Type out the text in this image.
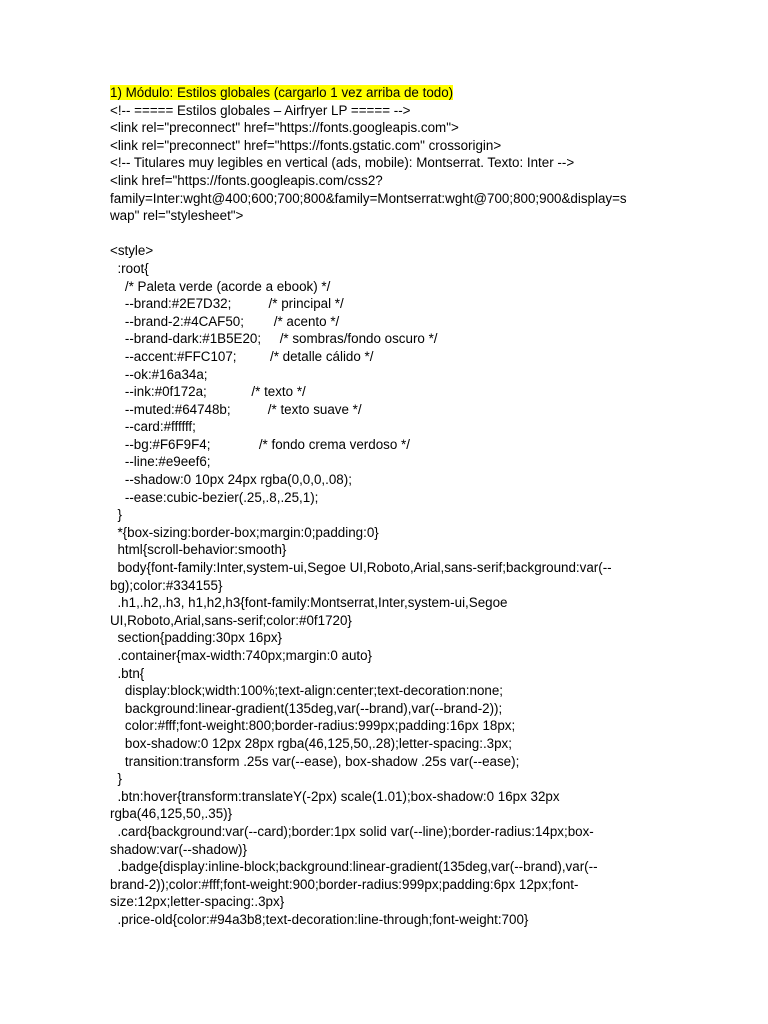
1) Módulo: Estilos globales (cargarlo 1 vez arriba de todo)
<!-- ===== Estilos globales – Airfryer LP ===== -->
<link rel="preconnect" href="https://fonts.googleapis.com">
<link rel="preconnect" href="https://fonts.gstatic.com" crossorigin>
<!-- Titulares muy legibles en vertical (ads, mobile): Montserrat. Texto: Inter -->
<link href="https://fonts.googleapis.com/css2?
family=Inter:wght@400;600;700;800&family=Montserrat:wght@700;800;900&display=s
wap" rel="stylesheet">
<style>
:root{
/* Paleta verde (acorde a ebook) */
--brand:#2E7D32;          /* principal */
--brand-2:#4CAF50;        /* acento */
--brand-dark:#1B5E20;     /* sombras/fondo oscuro */
--accent:#FFC107;         /* detalle cálido */
--ok:#16a34a;
--ink:#0f172a;            /* texto */
--muted:#64748b;          /* texto suave */
--card:#ffffff;
--bg:#F6F9F4;             /* fondo crema verdoso */
--line:#e9eef6;
--shadow:0 10px 24px rgba(0,0,0,.08);
--ease:cubic-bezier(.25,.8,.25,1);
}
*{box-sizing:border-box;margin:0;padding:0}
html{scroll-behavior:smooth}
body{font-family:Inter,system-ui,Segoe UI,Roboto,Arial,sans-serif;background:var(--
bg);color:#334155}
.h1,.h2,.h3, h1,h2,h3{font-family:Montserrat,Inter,system-ui,Segoe
UI,Roboto,Arial,sans-serif;color:#0f1720}
section{padding:30px 16px}
.container{max-width:740px;margin:0 auto}
.btn{
display:block;width:100%;text-align:center;text-decoration:none;
background:linear-gradient(135deg,var(--brand),var(--brand-2));
color:#fff;font-weight:800;border-radius:999px;padding:16px 18px;
box-shadow:0 12px 28px rgba(46,125,50,.28);letter-spacing:.3px;
transition:transform .25s var(--ease), box-shadow .25s var(--ease);
}
.btn:hover{transform:translateY(-2px) scale(1.01);box-shadow:0 16px 32px
rgba(46,125,50,.35)}
.card{background:var(--card);border:1px solid var(--line);border-radius:14px;box-
shadow:var(--shadow)}
.badge{display:inline-block;background:linear-gradient(135deg,var(--brand),var(--
brand-2));color:#fff;font-weight:900;border-radius:999px;padding:6px 12px;font-
size:12px;letter-spacing:.3px}
.price-old{color:#94a3b8;text-decoration:line-through;font-weight:700}
